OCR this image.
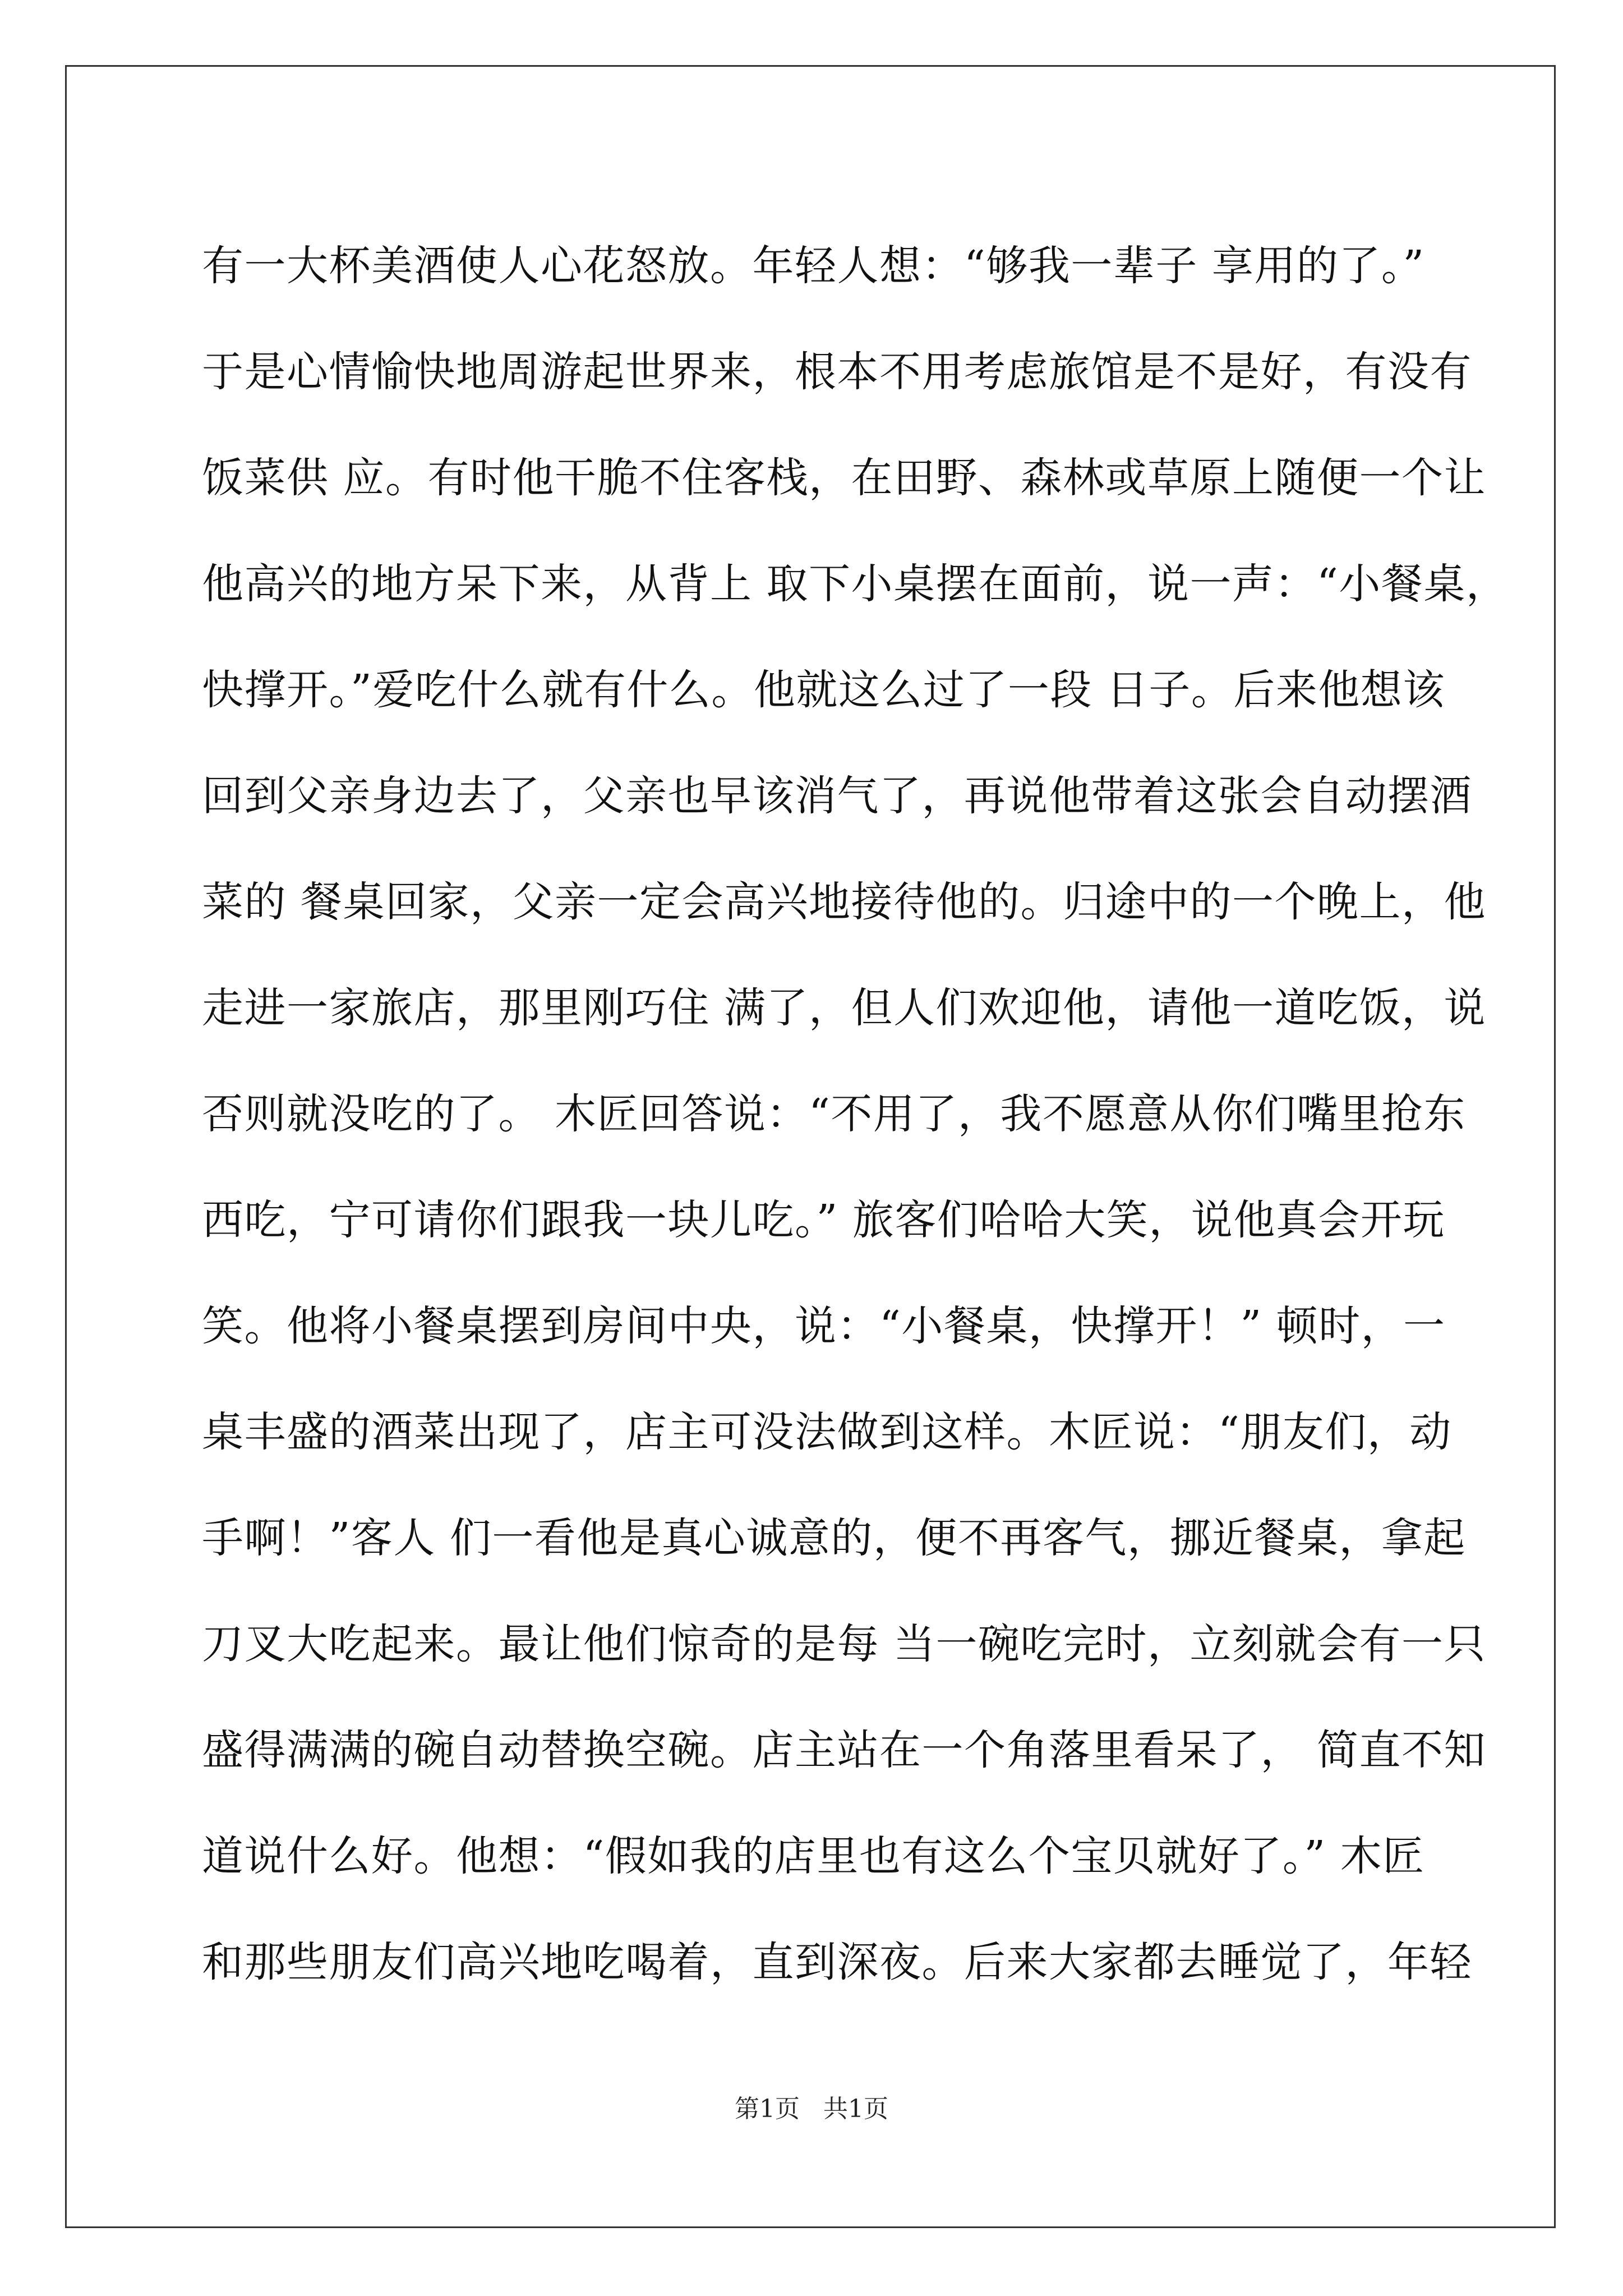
有一大杯美酒使人心花怒放。年轻人想：“够我一辈子 享用的了。”
于是心情愉快地周游起世界来，根本不用考虑旅馆是不是好，有没有
饭菜供 应。有时他干脆不住客栈，在田野、森林或草原上随便一个让
他高兴的地方呆下来，从背上 取下小桌摆在面前，说一声：“小餐桌，
快撑开。”爱吃什么就有什么。他就这么过了一段 日子。后来他想该
回到父亲身边去了，父亲也早该消气了，再说他带着这张会自动摆酒
菜的 餐桌回家，父亲一定会高兴地接待他的。归途中的一个晚上，他
走进一家旅店，那里刚巧住 满了，但人们欢迎他，请他一道吃饭，说
否则就没吃的了。 木匠回答说：“不用了，我不愿意从你们嘴里抢东
西吃，宁可请你们跟我一块儿吃。” 旅客们哈哈大笑，说他真会开玩
笑。他将小餐桌摆到房间中央，说：“小餐桌，快撑开！” 顿时，一
桌丰盛的酒菜出现了，店主可没法做到这样。木匠说：“朋友们，动
手啊！”客人 们一看他是真心诚意的，便不再客气，挪近餐桌，拿起
刀叉大吃起来。最让他们惊奇的是每 当一碗吃完时，立刻就会有一只
盛得满满的碗自动替换空碗。店主站在一个角落里看呆了， 简直不知
道说什么好。他想：“假如我的店里也有这么个宝贝就好了。” 木匠
和那些朋友们高兴地吃喝着，直到深夜。后来大家都去睡觉了，年轻
第1页   共1页
